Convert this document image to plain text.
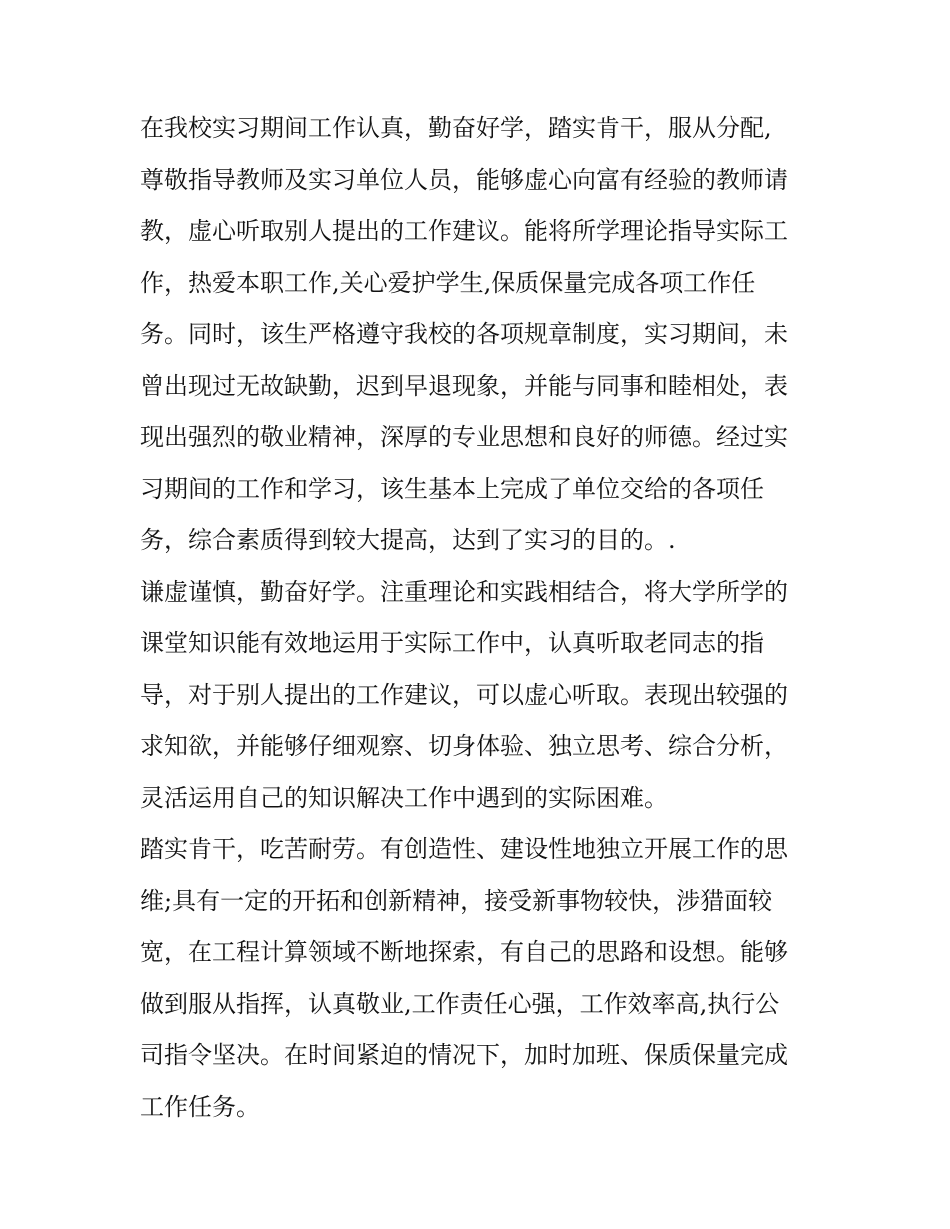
在我校实习期间工作认真，勤奋好学，踏实肯干，服从分配,
尊敬指导教师及实习单位人员，能够虚心向富有经验的教师请
教，虚心听取别人提出的工作建议。能将所学理论指导实际工
作，热爱本职工作,关心爱护学生,保质保量完成各项工作任
务。同时，该生严格遵守我校的各项规章制度，实习期间，未
曾出现过无故缺勤，迟到早退现象，并能与同事和睦相处，表
现出强烈的敬业精神，深厚的专业思想和良好的师德。经过实
习期间的工作和学习，该生基本上完成了单位交给的各项任
务，综合素质得到较大提高，达到了实习的目的。.
谦虚谨慎，勤奋好学。注重理论和实践相结合，将大学所学的
课堂知识能有效地运用于实际工作中，认真听取老同志的指
导，对于别人提出的工作建议，可以虚心听取。表现出较强的
求知欲，并能够仔细观察、切身体验、独立思考、综合分析，
灵活运用自己的知识解决工作中遇到的实际困难。
踏实肯干，吃苦耐劳。有创造性、建设性地独立开展工作的思
维;具有一定的开拓和创新精神，接受新事物较快，涉猎面较
宽，在工程计算领域不断地探索，有自己的思路和设想。能够
做到服从指挥，认真敬业,工作责任心强，工作效率高,执行公
司指令坚决。在时间紧迫的情况下，加时加班、保质保量完成
工作任务。
